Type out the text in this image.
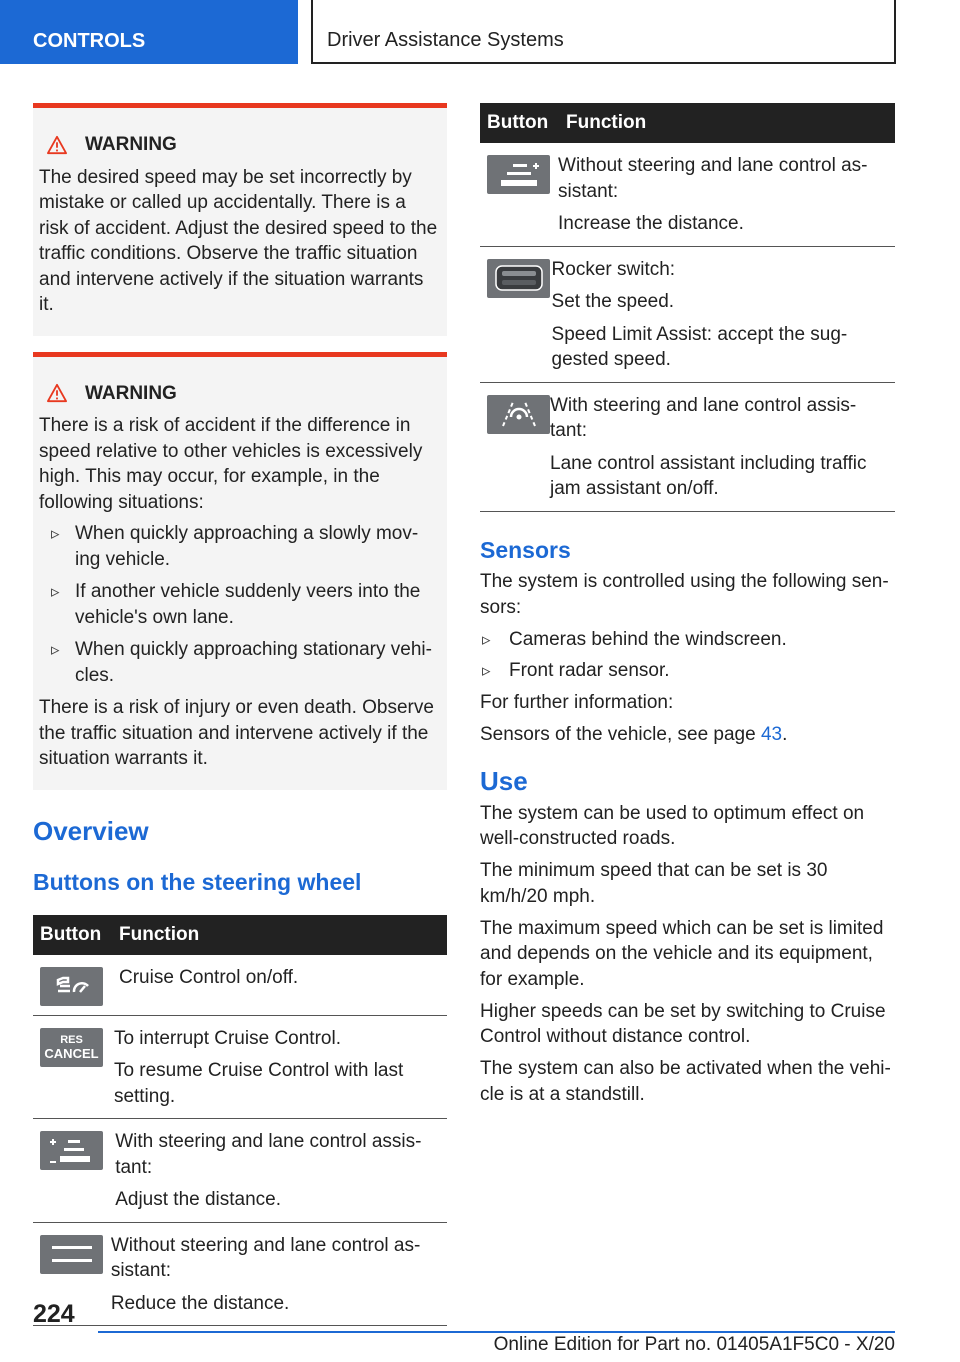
CONTROLS	Driver Assistance Systems
WARNING

The desired speed may be set incorrectly by mistake or called up accidentally. There is a risk of accident. Adjust the desired speed to the traffic conditions. Observe the traffic situation and intervene actively if the situation warrants it.

WARNING

There is a risk of accident if the difference in speed relative to other vehicles is excessively high. This may occur, for example, in the following situations:

▹ When quickly approaching a slowly mov‐ ing vehicle.
▹ If another vehicle suddenly veers into the vehicle's own lane.
▹ When quickly approaching stationary vehi‐ cles.

There is a risk of injury or even death. Observe the traffic situation and intervene actively if the situation warrants it.

Overview
Buttons on the steering wheel
Button Function

Cruise Control on/off.

RES
CANCEL

To interrupt Cruise Control.

To resume Cruise Control with last setting.

With steering and lane control assis‐ tant:

Adjust the distance.

Without steering and lane control as‐ sistant:

Reduce the distance.

Button Function

Without steering and lane control as‐ sistant:

Increase the distance.

Rocker switch:

Set the speed.

Speed Limit Assist: accept the sug‐ gested speed.

With steering and lane control assis‐ tant:

Lane control assistant including traffic jam assistant on/off.

Sensors

The system is controlled using the following sen‐ sors:

▹ Cameras behind the windscreen.
▹ Front radar sensor.

For further information:

Sensors of the vehicle, see page 43.

Use

The system can be used to optimum effect on well-constructed roads.

The minimum speed that can be set is 30 km/h/20 mph.

The maximum speed which can be set is limited and depends on the vehicle and its equipment, for example.

Higher speeds can be set by switching to Cruise Control without distance control.

The system can also be activated when the vehi‐ cle is at a standstill.

224
Online Edition for Part no. 01405A1F5C0 - X/20
